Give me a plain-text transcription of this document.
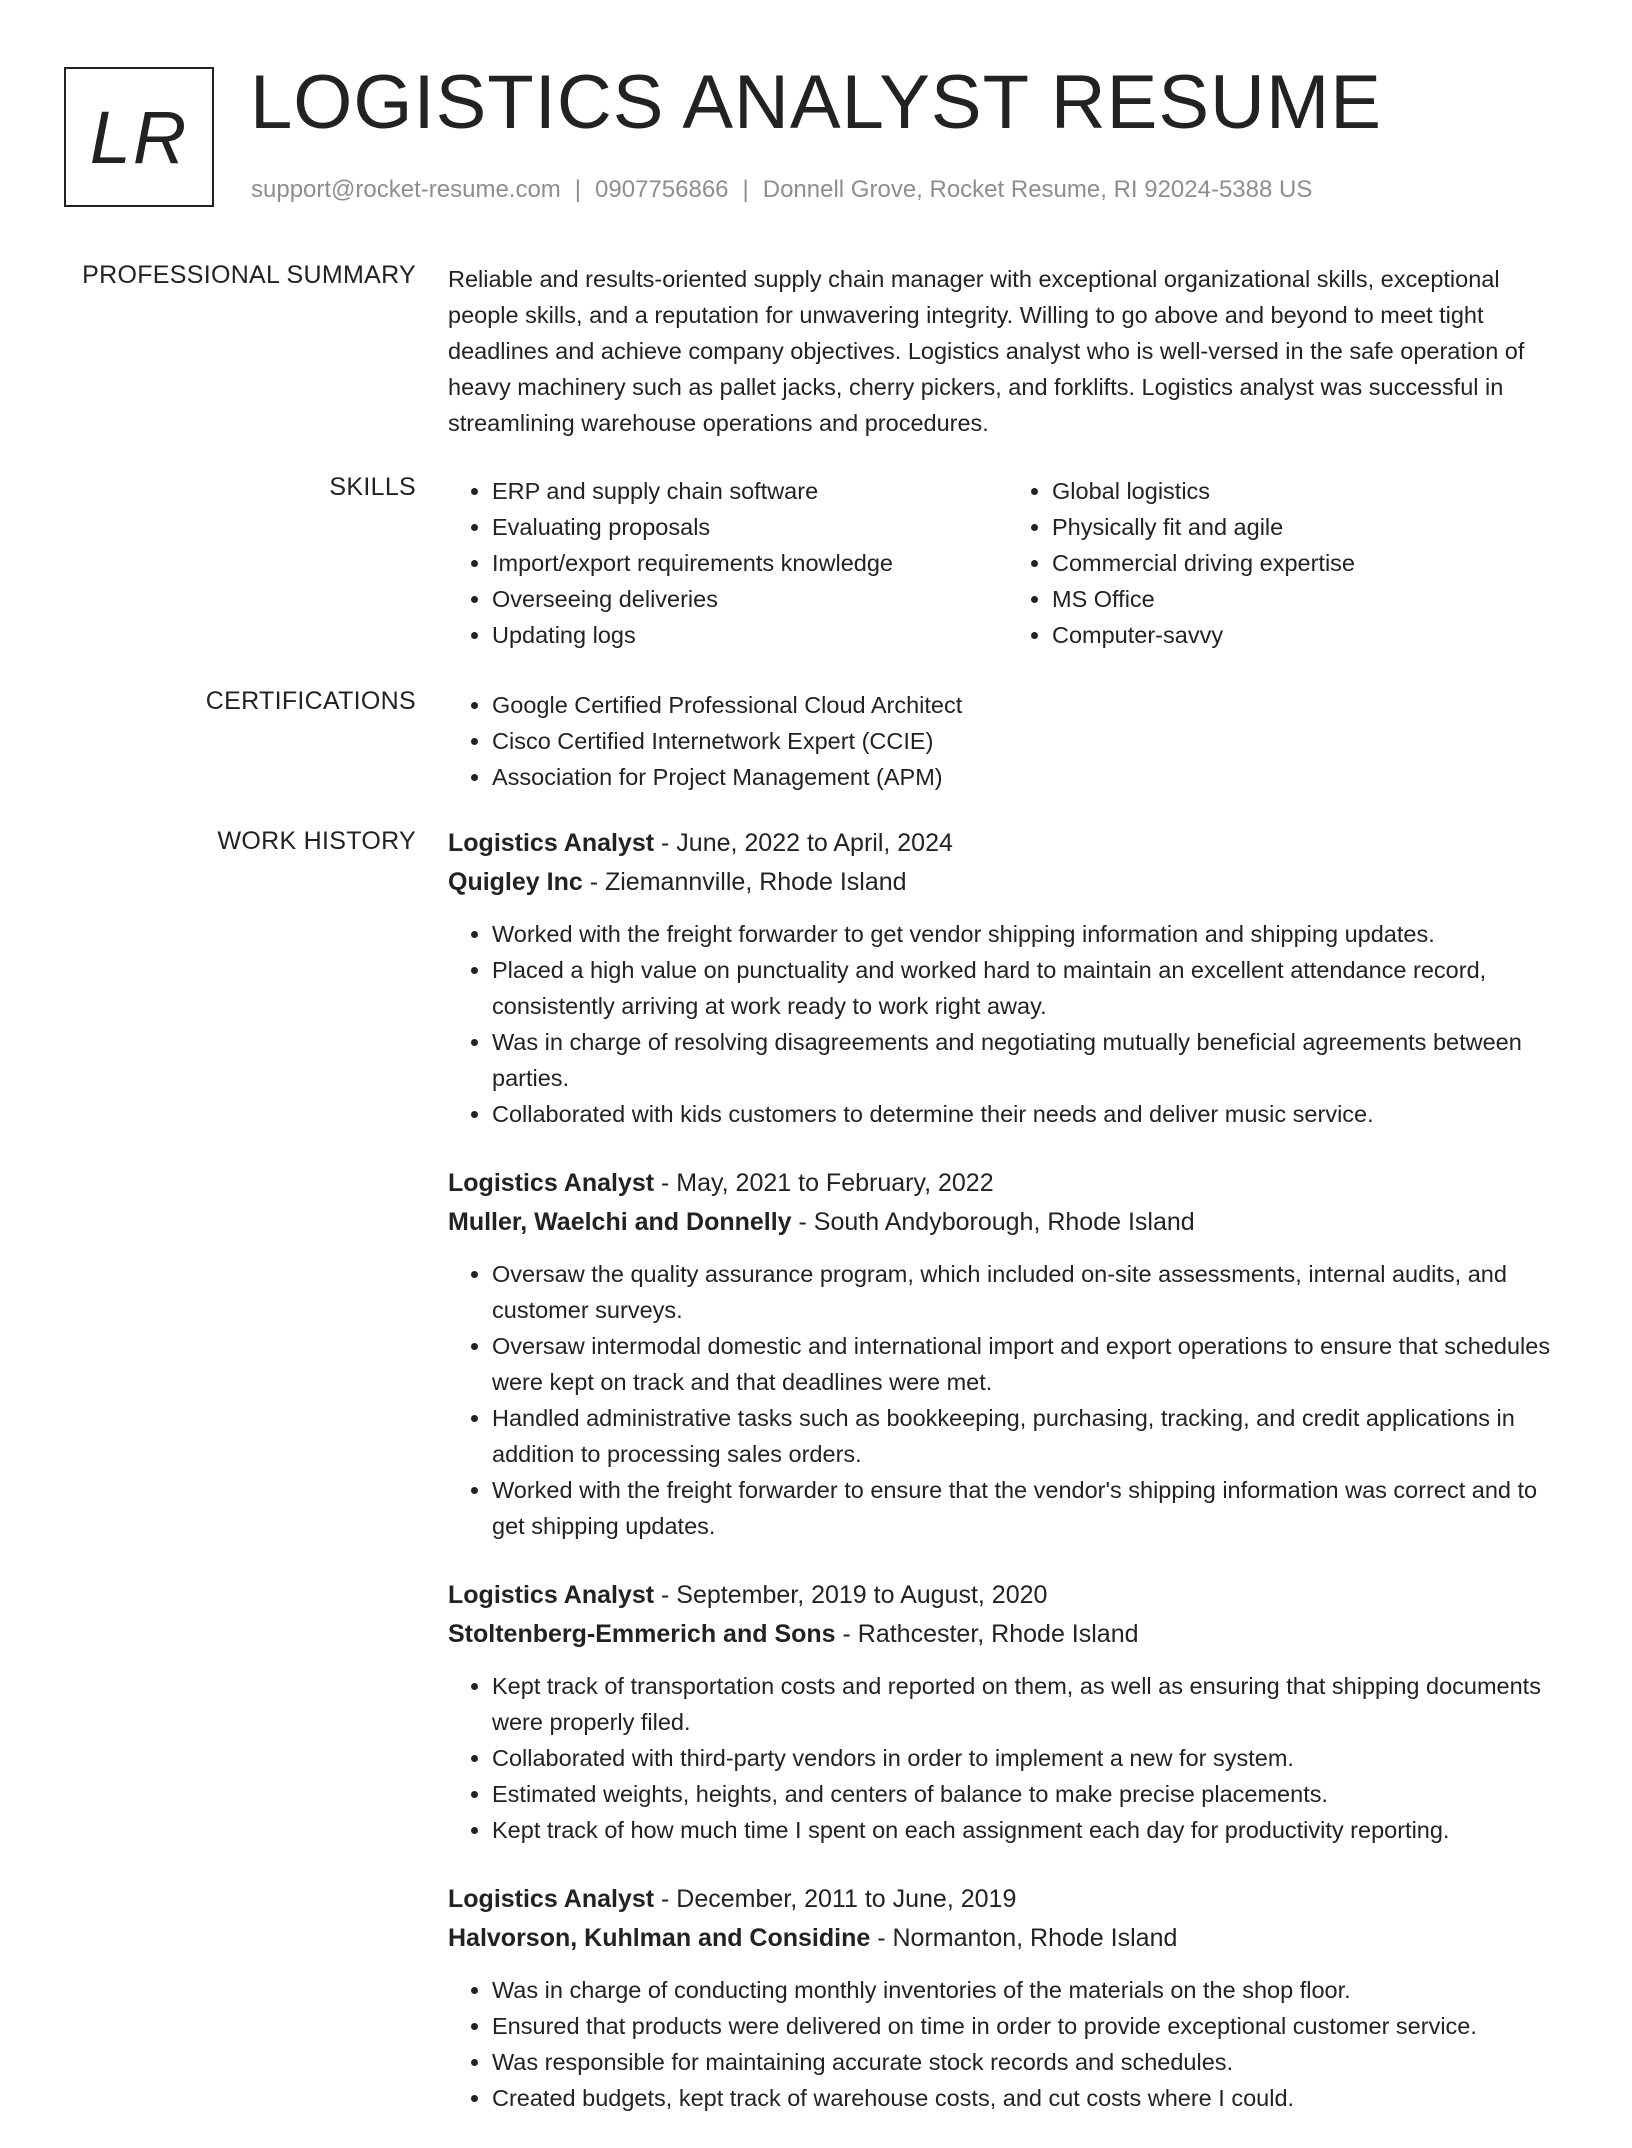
LR LOGISTICS ANALYST RESUME
support@rocket-resume.com | 0907756866 | Donnell Grove, Rocket Resume, RI 92024-5388 US
PROFESSIONAL SUMMARY Reliable and results-oriented supply chain manager with exceptional organizational skills, exceptional people skills, and a reputation for unwavering integrity. Willing to go above and beyond to meet tight deadlines and achieve company objectives. Logistics analyst who is well-versed in the safe operation of heavy machinery such as pallet jacks, cherry pickers, and forklifts. Logistics analyst was successful in streamlining warehouse operations and procedures.

SKILLS	• ERP and supply chain software
• Evaluating proposals
• Import/export requirements knowledge
• Overseeing deliveries
• Updating logs
• Global logistics
• Physically fit and agile
• Commercial driving expertise
• MS Office
• Computer-savvy
CERTIFICATIONS	• Google Certified Professional Cloud Architect
• Cisco Certified Internetwork Expert (CCIE)
• Association for Project Management (APM)
WORK HISTORY Logistics Analyst - June, 2022 to April, 2024
Quigley Inc - Ziemannville, Rhode Island
• Worked with the freight forwarder to get vendor shipping information and shipping updates.
• Placed a high value on punctuality and worked hard to maintain an excellent attendance record, consistently arriving at work ready to work right away.
• Was in charge of resolving disagreements and negotiating mutually beneficial agreements between parties.
• Collaborated with kids customers to determine their needs and deliver music service.
Logistics Analyst - May, 2021 to February, 2022
Muller, Waelchi and Donnelly - South Andyborough, Rhode Island
• Oversaw the quality assurance program, which included on-site assessments, internal audits, and customer surveys.
• Oversaw intermodal domestic and international import and export operations to ensure that schedules were kept on track and that deadlines were met.
• Handled administrative tasks such as bookkeeping, purchasing, tracking, and credit applications in addition to processing sales orders.
• Worked with the freight forwarder to ensure that the vendor's shipping information was correct and to get shipping updates.
Logistics Analyst - September, 2019 to August, 2020
Stoltenberg-Emmerich and Sons - Rathcester, Rhode Island
• Kept track of transportation costs and reported on them, as well as ensuring that shipping documents were properly filed.
• Collaborated with third-party vendors in order to implement a new for system.
• Estimated weights, heights, and centers of balance to make precise placements.
• Kept track of how much time I spent on each assignment each day for productivity reporting.
Logistics Analyst - December, 2011 to June, 2019
Halvorson, Kuhlman and Considine - Normanton, Rhode Island
• Was in charge of conducting monthly inventories of the materials on the shop floor.
• Ensured that products were delivered on time in order to provide exceptional customer service.
• Was responsible for maintaining accurate stock records and schedules.
• Created budgets, kept track of warehouse costs, and cut costs where I could.
